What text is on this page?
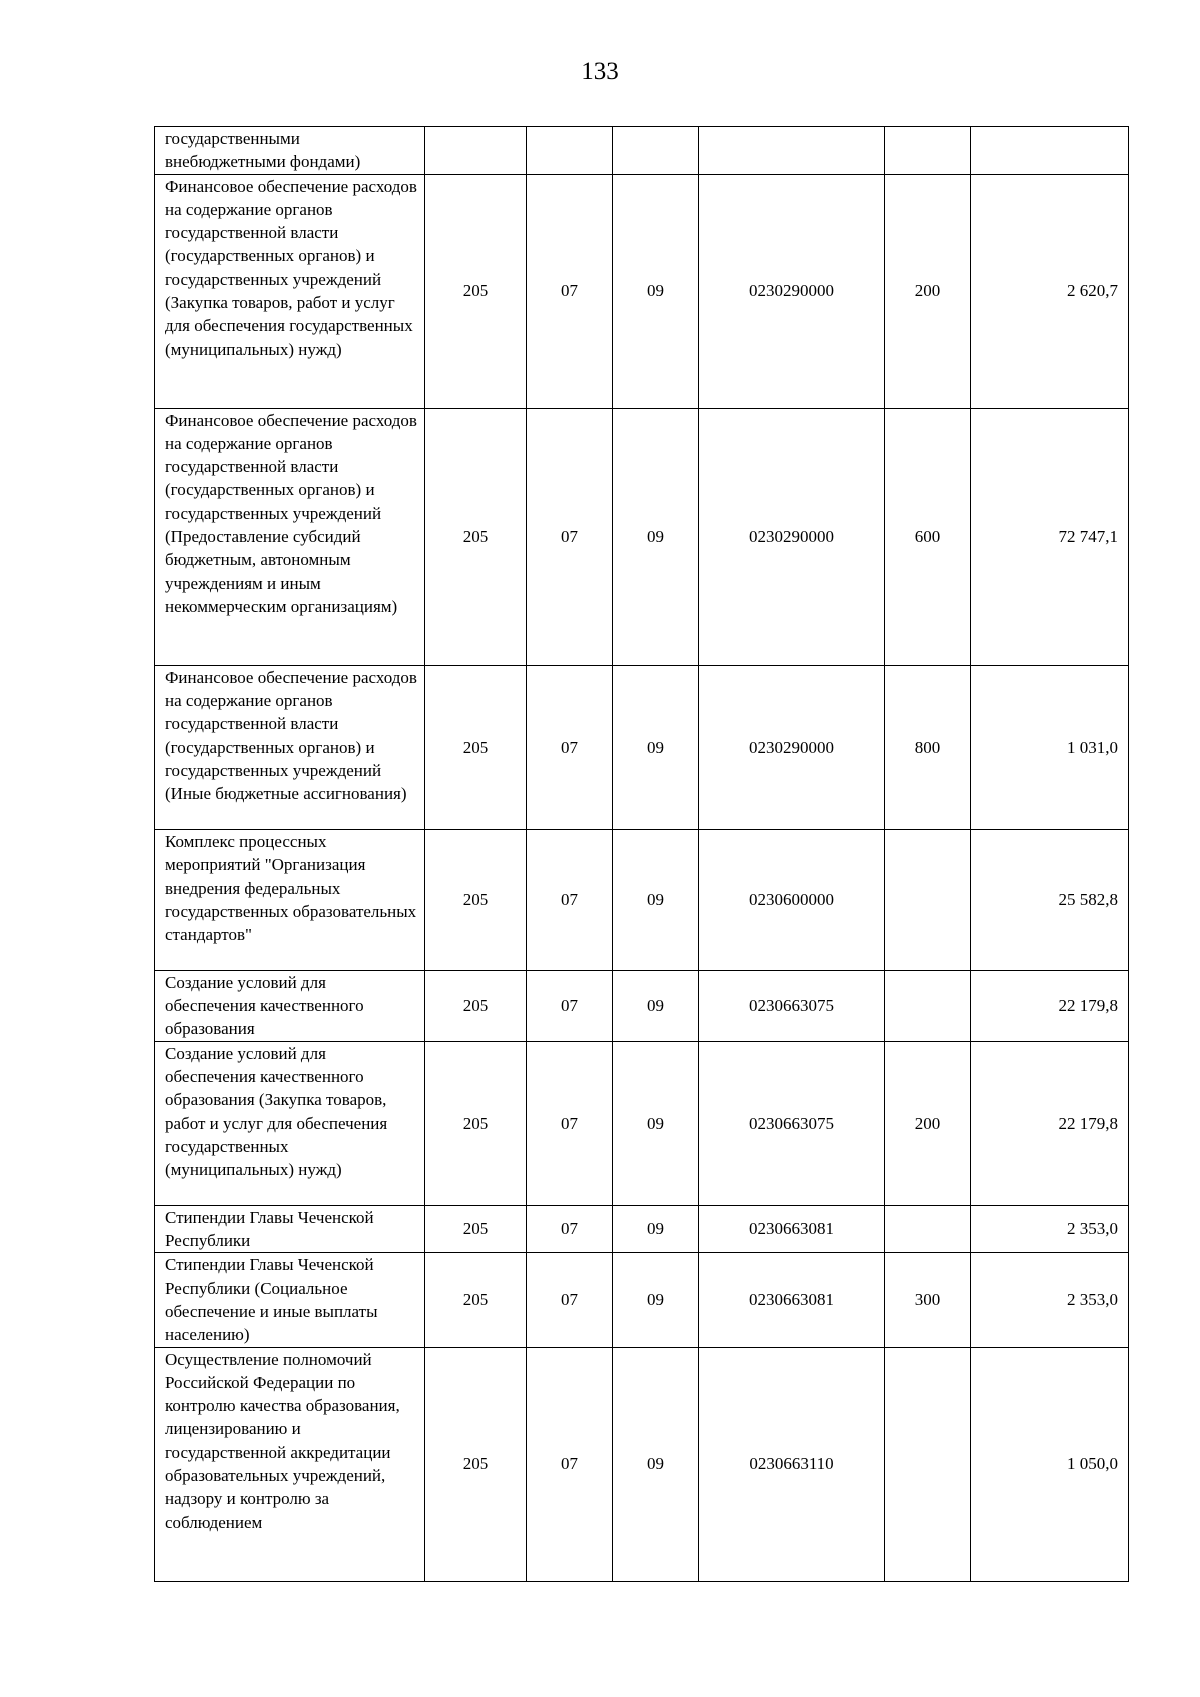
133
государственными внебюджетными фондами)						
Финансовое обеспечение расходов на содержание органов государственной власти (государственных органов) и государственных учреждений (Закупка товаров, работ и услуг для обеспечения государственных (муниципальных) нужд)	205	07	09	0230290000	200	2 620,7
Финансовое обеспечение расходов на содержание органов государственной власти (государственных органов) и государственных учреждений (Предоставление субсидий бюджетным, автономным учреждениям и иным некоммерческим организациям)	205	07	09	0230290000	600	72 747,1
Финансовое обеспечение расходов на содержание органов государственной власти (государственных органов) и государственных учреждений (Иные бюджетные ассигнования)	205	07	09	0230290000	800	1 031,0
Комплекс процессных мероприятий "Организация внедрения федеральных государственных образовательных стандартов"	205	07	09	0230600000		25 582,8
Создание условий для обеспечения качественного образования	205	07	09	0230663075		22 179,8
Создание условий для обеспечения качественного образования (Закупка товаров, работ и услуг для обеспечения государственных (муниципальных) нужд)	205	07	09	0230663075	200	22 179,8
Стипендии Главы Чеченской Республики	205	07	09	0230663081		2 353,0
Стипендии Главы Чеченской Республики (Социальное обеспечение и иные выплаты населению)	205	07	09	0230663081	300	2 353,0
Осуществление полномочий Российской Федерации по контролю качества образования, лицензированию и государственной аккредитации образовательных учреждений, надзору и контролю за соблюдением	205	07	09	0230663110		1 050,0
